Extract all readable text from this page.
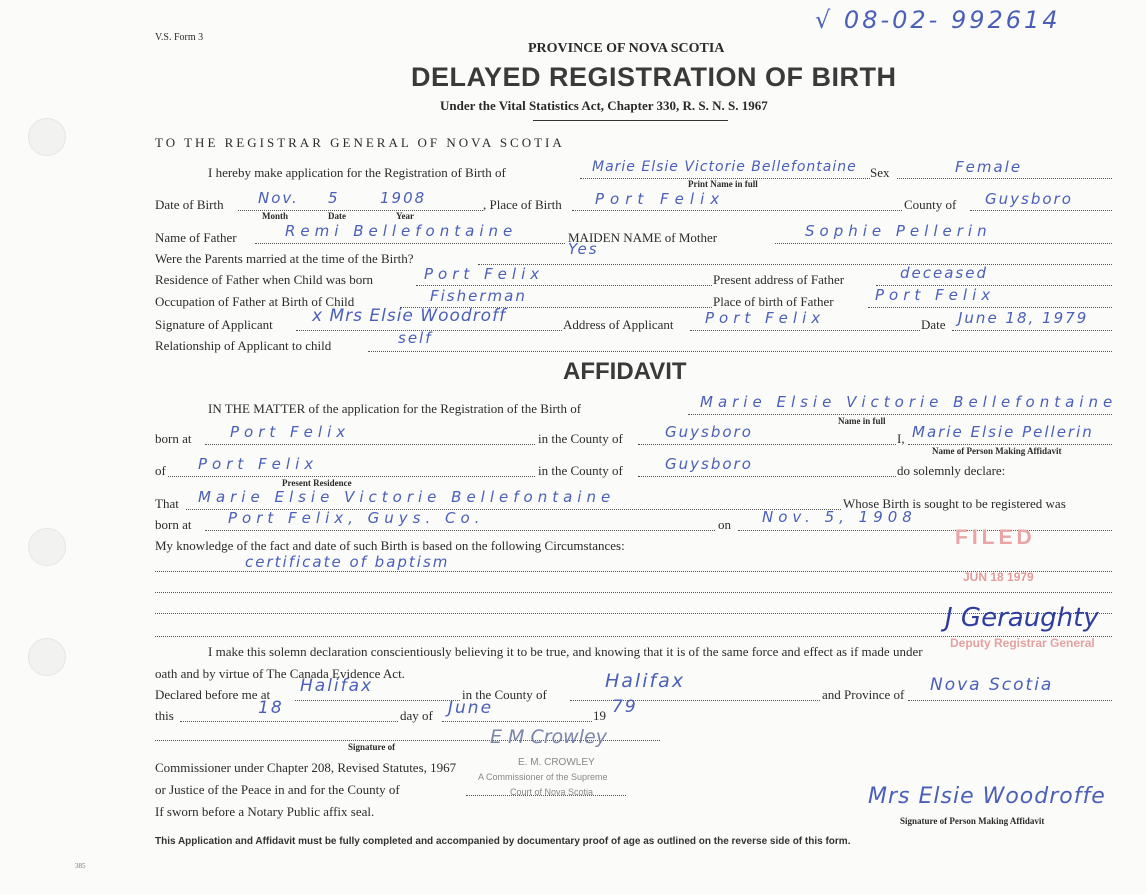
V.S. Form 3
√ 08-02- 992614
PROVINCE OF NOVA SCOTIA
DELAYED REGISTRATION OF BIRTH
Under the Vital Statistics Act, Chapter 330, R. S. N. S. 1967
TO THE REGISTRAR GENERAL OF NOVA SCOTIA
I hereby make application for the Registration of Birth of	Marie Elsie Victorie Bellefontaine
Print Name in full
Sex	Female
Date of Birth Nov. 5	1908
Month	Date	Year
, Place of Birth Port Felix	County of Guysboro
Name of Father	Remi Bellefontaine	MAIDEN NAME of Mother	Sophie Pellerin
Were the Parents married at the time of the Birth?
Yes
Residence of Father when Child was born	Port Felix	Present address of Father	deceased
Occupation of Father at Birth of Child	Fisherman	Place of birth of Father	Port Felix
Signature of Applicant x Mrs Elsie Woodroff	Address of Applicant Port Felix	Date June 18, 1979
Relationship of Applicant to child	self
AFFIDAVIT
IN THE MATTER of the application for the Registration of the Birth of	Marie Elsie Victorie Bellefontaine
Name in full
born at	Port Felix	in the County of	Guysboro	I, Marie Elsie Pellerin
Name of Person Making Affidavit
of Port Felix
Present Residence
in the County of	Guysboro	do solemnly declare:
That Marie Elsie Victorie Bellefontaine	Whose Birth is sought to be registered was
born at Port Felix, Guys. Co.	on Nov. 5, 1908
My knowledge of the fact and date of such Birth is based on the following Circumstances:
certificate of baptism
FILED
JUN 18 1979
J Geraughty
Deputy Registrar General
I make this solemn declaration conscientiously believing it to be true, and knowing that it is of the same force and effect as if made under
oath and by virtue of The Canada Evidence Act.
Declared before me at Halifax	in the County of
Halifax
and Province of Nova Scotia
this	18	day of June	19 79
E M Crowley
Signature of
Commissioner under Chapter 208, Revised Statutes, 1967	E. M. CROWLEY
A Commissioner of the Supreme
or Justice of the Peace in and for the County of	Court of Nova Scotia
If sworn before a Notary Public affix seal.
Mrs Elsie Woodroffe
Signature of Person Making Affidavit
This Application and Affidavit must be fully completed and accompanied by documentary proof of age as outlined on the reverse side of this form.
385
